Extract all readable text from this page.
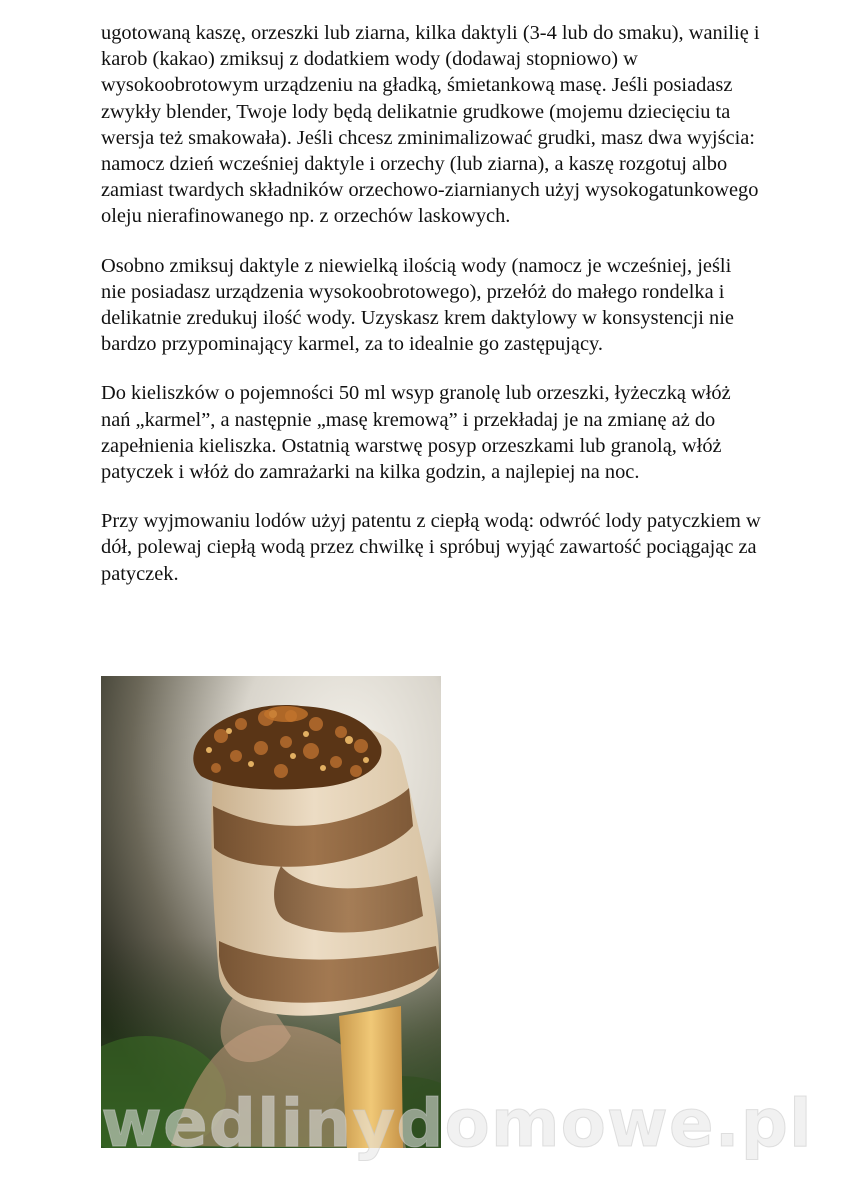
ugotowaną kaszę, orzeszki lub ziarna, kilka daktyli (3-4 lub do smaku), wanilię i karob (kakao) zmiksuj z dodatkiem wody (dodawaj stopniowo) w wysokoobrotowym urządzeniu na gładką, śmietankową masę. Jeśli posiadasz zwykły blender, Twoje lody będą delikatnie grudkowe (mojemu dziecięciu ta wersja też smakowała). Jeśli chcesz zminimalizować grudki, masz dwa wyjścia: namocz dzień wcześniej daktyle i orzechy (lub ziarna), a kaszę rozgotuj albo zamiast twardych składników orzechowo-ziarnianych użyj wysokogatunkowego oleju nierafinowanego np. z orzechów laskowych.

Osobno zmiksuj daktyle z niewielką ilością wody (namocz je wcześniej, jeśli nie posiadasz urządzenia wysokoobrotowego), przełóż do małego rondelka i delikatnie zredukuj ilość wody. Uzyskasz krem daktylowy w konsystencji nie bardzo przypominający karmel, za to idealnie go zastępujący.

Do kieliszków o pojemności 50 ml wsyp granolę lub orzeszki, łyżeczką włóż nań „karmel”, a następnie „masę kremową” i przekładaj je na zmianę aż do zapełnienia kieliszka. Ostatnią warstwę posyp orzeszkami lub granolą, włóż patyczek i włóż do zamrażarki na kilka godzin, a najlepiej na noc.

Przy wyjmowaniu lodów użyj patentu z ciepłą wodą: odwróć lody patyczkiem w dół, polewaj ciepłą wodą przez chwilkę i spróbuj wyjąć zawartość pociągając za patyczek.

wedlinydomowe.pl
